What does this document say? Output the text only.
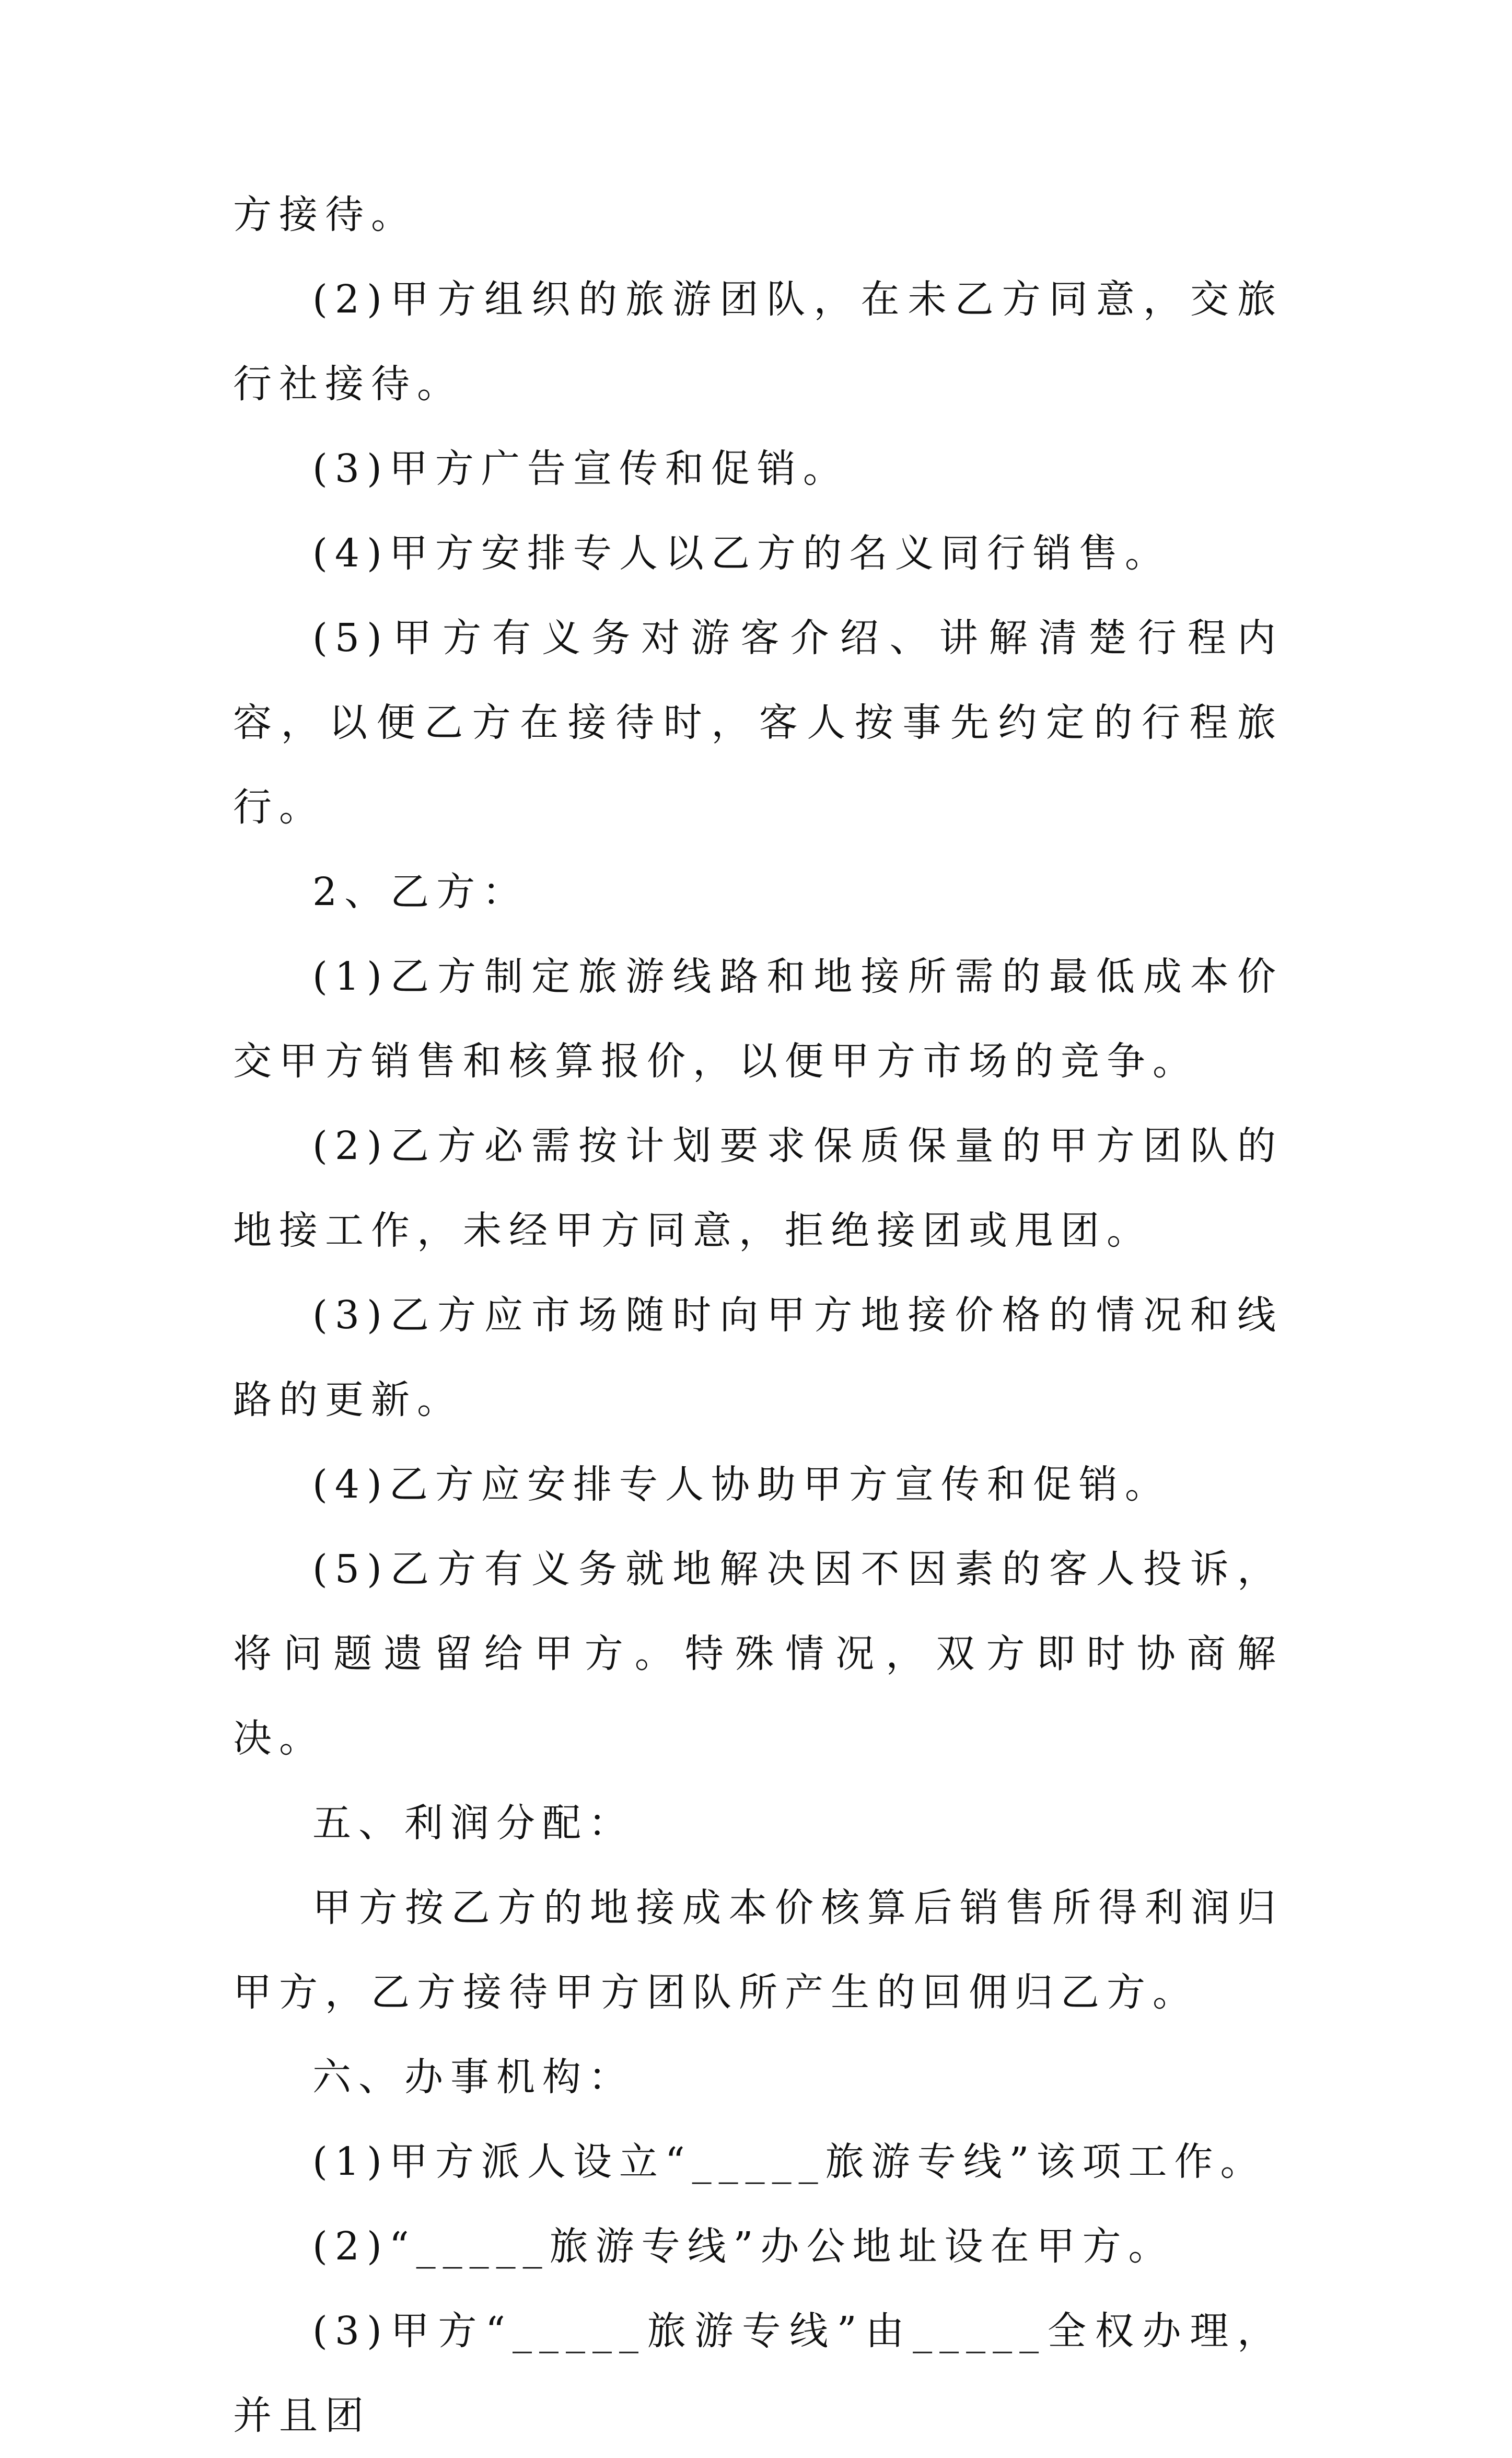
方接待。

(2)甲方组织的旅游团队，在未乙方同意，交旅行社接待。

(3)甲方广告宣传和促销。

(4)甲方安排专人以乙方的名义同行销售。

(5)甲方有义务对游客介绍、讲解清楚行程内容，以便乙方在接待时，客人按事先约定的行程旅行。

2、乙方：

(1)乙方制定旅游线路和地接所需的最低成本价交甲方销售和核算报价，以便甲方市场的竞争。

(2)乙方必需按计划要求保质保量的甲方团队的地接工作，未经甲方同意，拒绝接团或甩团。

(3)乙方应市场随时向甲方地接价格的情况和线路的更新。

(4)乙方应安排专人协助甲方宣传和促销。

(5)乙方有义务就地解决因不因素的客人投诉，将问题遗留给甲方。特殊情况，双方即时协商解决。

五、利润分配：

甲方按乙方的地接成本价核算后销售所得利润归甲方，乙方接待甲方团队所产生的回佣归乙方。

六、办事机构：

(1)甲方派人设立“_____旅游专线”该项工作。

(2)“_____旅游专线”办公地址设在甲方。

(3)甲方“_____旅游专线”由_____全权办理，并且团
